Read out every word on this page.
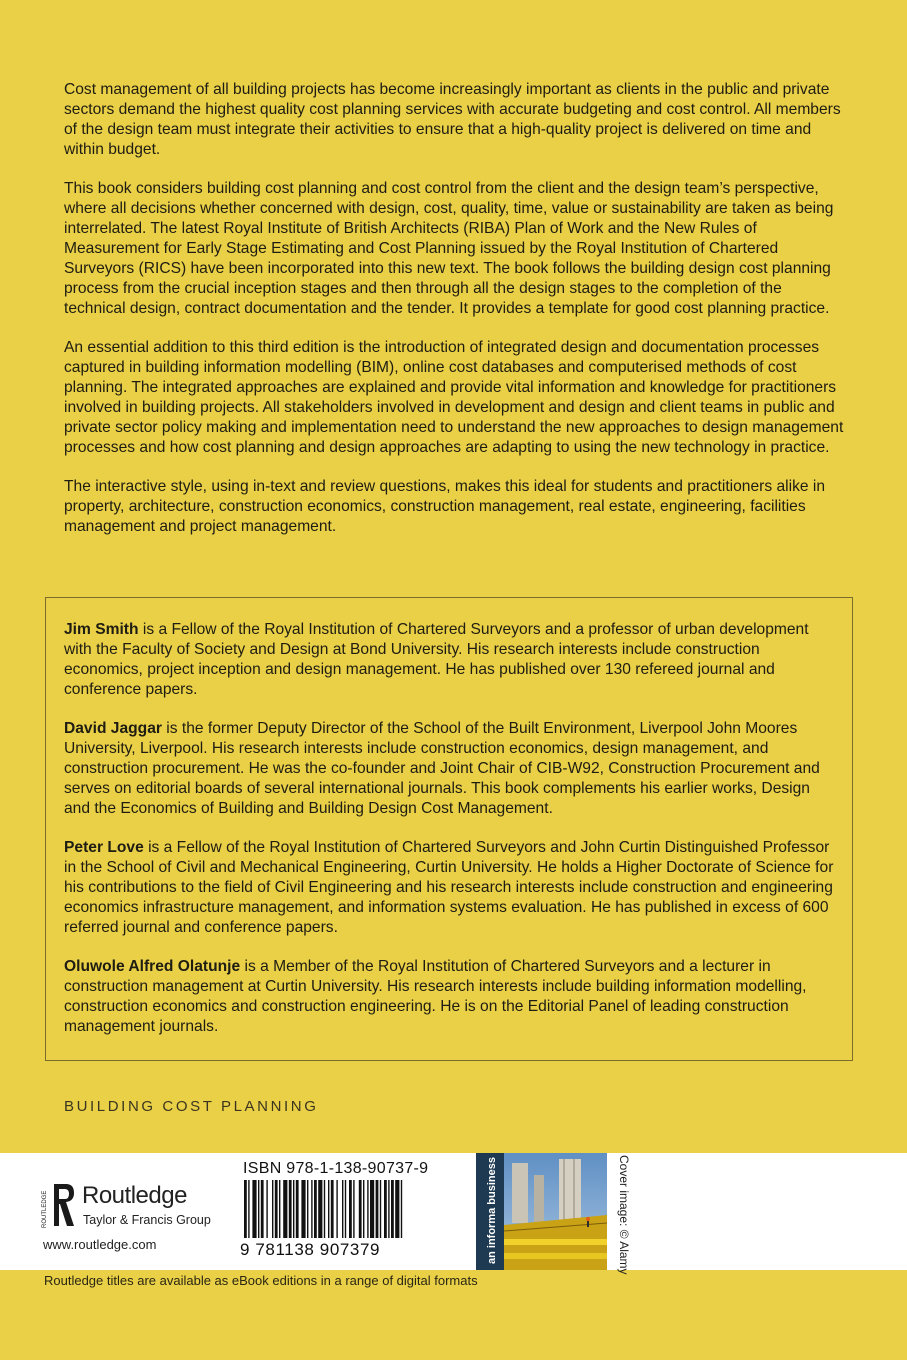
Cost management of all building projects has become increasingly important as clients in the public and private sectors demand the highest quality cost planning services with accurate budgeting and cost control. All members of the design team must integrate their activities to ensure that a high-quality project is delivered on time and within budget.

This book considers building cost planning and cost control from the client and the design team’s perspective, where all decisions whether concerned with design, cost, quality, time, value or sustainability are taken as being interrelated. The latest Royal Institute of British Architects (RIBA) Plan of Work and the New Rules of Measurement for Early Stage Estimating and Cost Planning issued by the Royal Institution of Chartered Surveyors (RICS) have been incorporated into this new text. The book follows the building design cost planning process from the crucial inception stages and then through all the design stages to the completion of the technical design, contract documentation and the tender. It provides a template for good cost planning practice.

An essential addition to this third edition is the introduction of integrated design and documentation processes captured in building information modelling (BIM), online cost databases and computerised methods of cost planning. The integrated approaches are explained and provide vital information and knowledge for practitioners involved in building projects. All stakeholders involved in development and design and client teams in public and private sector policy making and implementation need to understand the new approaches to design management processes and how cost planning and design approaches are adapting to using the new technology in practice.

The interactive style, using in-text and review questions, makes this ideal for students and practitioners alike in property, architecture, construction economics, construction management, real estate, engineering, facilities management and project management.

Jim Smith is a Fellow of the Royal Institution of Chartered Surveyors and a professor of urban development with the Faculty of Society and Design at Bond University. His research interests include construction economics, project inception and design management. He has published over 130 refereed journal and conference papers.

David Jaggar is the former Deputy Director of the School of the Built Environment, Liverpool John Moores University, Liverpool. His research interests include construction economics, design management, and construction procurement. He was the co-founder and Joint Chair of CIB-W92, Construction Procurement and serves on editorial boards of several international journals. This book complements his earlier works, Design and the Economics of Building and Building Design Cost Management.

Peter Love is a Fellow of the Royal Institution of Chartered Surveyors and John Curtin Distinguished Professor in the School of Civil and Mechanical Engineering, Curtin University. He holds a Higher Doctorate of Science for his contributions to the field of Civil Engineering and his research interests include construction and engineering economics infrastructure management, and information systems evaluation. He has published in excess of 600 referred journal and conference papers.

Oluwole Alfred Olatunje is a Member of the Royal Institution of Chartered Surveyors and a lecturer in construction management at Curtin University. His research interests include building information modelling, construction economics and construction engineering. He is on the Editorial Panel of leading construction management journals.

BUILDING COST PLANNING
ROUTLEDGE Routledge
Taylor & Francis Group
www.routledge.com
ISBN 978-1-138-90737-9
9 781138 907379	an informa business	Cover image: © Alamy
Routledge titles are available as eBook editions in a range of digital formats
